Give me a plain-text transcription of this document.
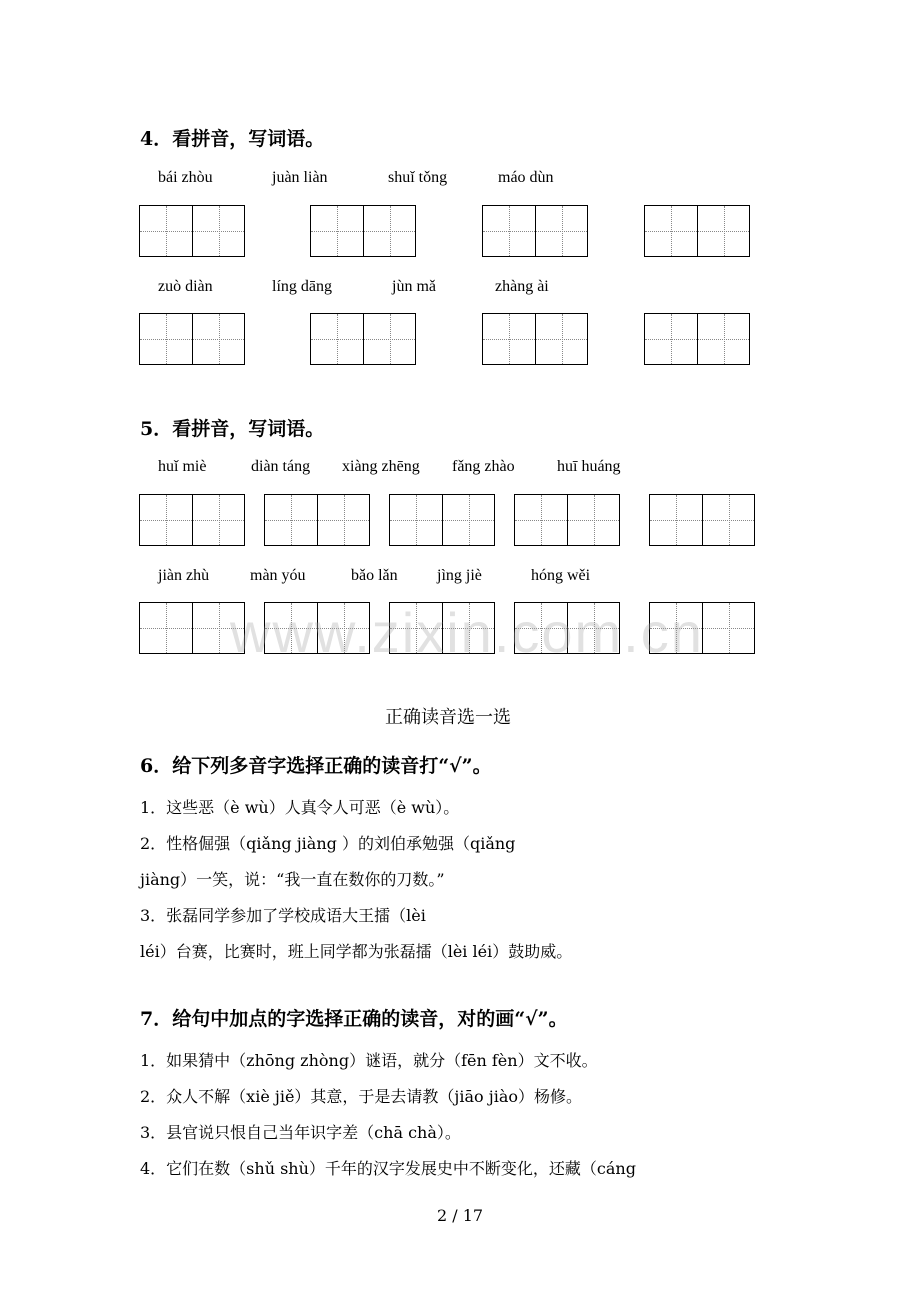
4．看拼音，写词语。
bái zhòu	juàn liàn	shuǐ tǒng	máo dùn
zuò diàn	líng dāng	jùn mǎ	zhàng ài
5．看拼音，写词语。
huǐ miè	diàn táng xiàng zhēng fǎng zhào	huī huáng
jiàn zhù	màn yóu	bǎo lǎn jìng jiè	hóng wěi
www.zixin.com.cn
正确读音选一选
6．给下列多音字选择正确的读音打“√”。
1．这些恶（è wù）人真令人可恶（è wù）。
2．性格倔强（qiǎng jiàng ）的刘伯承勉强（qiǎng
jiàng）一笑，说：“我一直在数你的刀数。”
3．张磊同学参加了学校成语大王擂（lèi
léi）台赛，比赛时，班上同学都为张磊擂（lèi léi）鼓助威。
7．给句中加点的字选择正确的读音，对的画“√”。
1．如果猜中（zhōng zhòng）谜语，就分（fēn fèn）文不收。
2．众人不解（xiè jiě）其意，于是去请教（jiāo jiào）杨修。
3．县官说只恨自己当年识字差（chā chà）。
4．它们在数（shǔ shù）千年的汉字发展史中不断变化，还藏（cáng
2 / 17
